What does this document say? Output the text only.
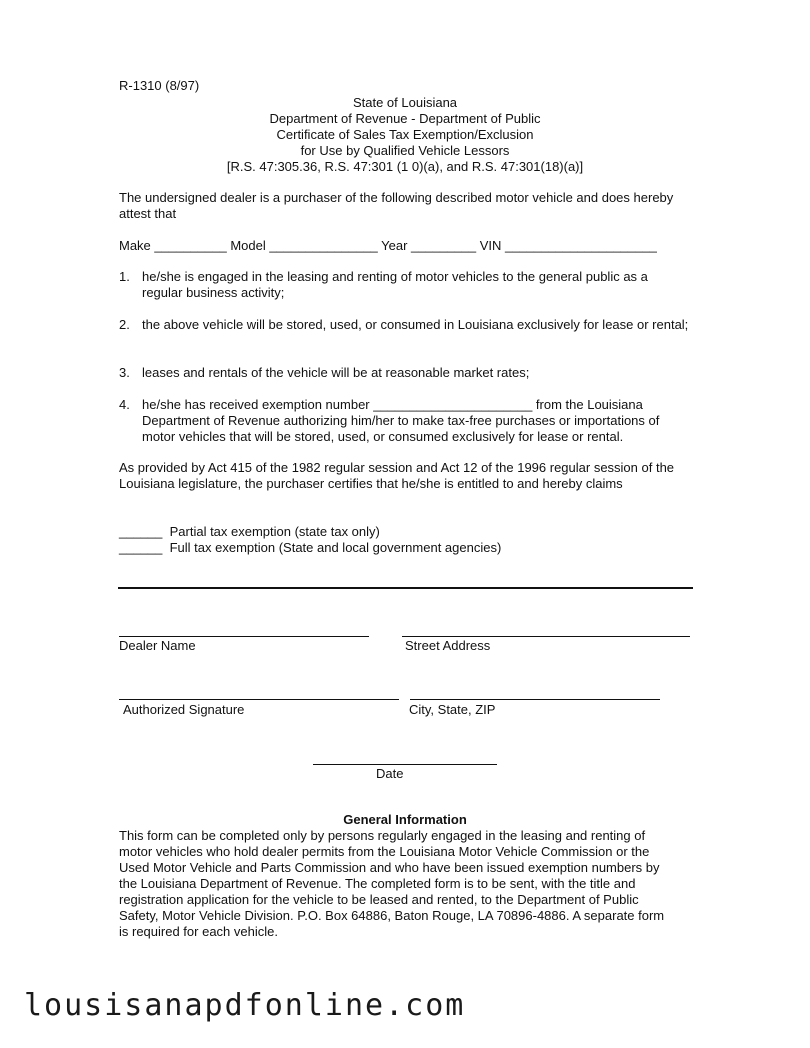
R-1310 (8/97)
State of Louisiana
Department of Revenue - Department of Public
Certificate of Sales Tax Exemption/Exclusion
for Use by Qualified Vehicle Lessors
[R.S. 47:305.36, R.S. 47:301 (1 0)(a), and R.S. 47:301(18)(a)]
The undersigned dealer is a purchaser of the following described motor vehicle and does hereby attest that
Make __________ Model _______________ Year _________ VIN _____________________
1. he/she is engaged in the leasing and renting of motor vehicles to the general public as a regular business activity;
2. the above vehicle will be stored, used, or consumed in Louisiana exclusively for lease or rental;
3. leases and rentals of the vehicle will be at reasonable market rates;
4. he/she has received exemption number ______________________ from the Louisiana Department of Revenue authorizing him/her to make tax-free purchases or importations of motor vehicles that will be stored, used, or consumed exclusively for lease or rental.
As provided by Act 415 of the 1982 regular session and Act 12 of the 1996 regular session of the Louisiana legislature, the purchaser certifies that he/she is entitled to and hereby claims
______  Partial tax exemption (state tax only)
______  Full tax exemption (State and local government agencies)
Dealer Name	Street Address
Authorized Signature	City, State, ZIP
Date
General Information
This form can be completed only by persons regularly engaged in the leasing and renting of
motor vehicles who hold dealer permits from the Louisiana Motor Vehicle Commission or the
Used Motor Vehicle and Parts Commission and who have been issued exemption numbers by
the Louisiana Department of Revenue. The completed form is to be sent, with the title and
registration application for the vehicle to be leased and rented, to the Department of Public
Safety, Motor Vehicle Division. P.O. Box 64886, Baton Rouge, LA 70896-4886. A separate form
is required for each vehicle.
lousisanapdfonline.com
